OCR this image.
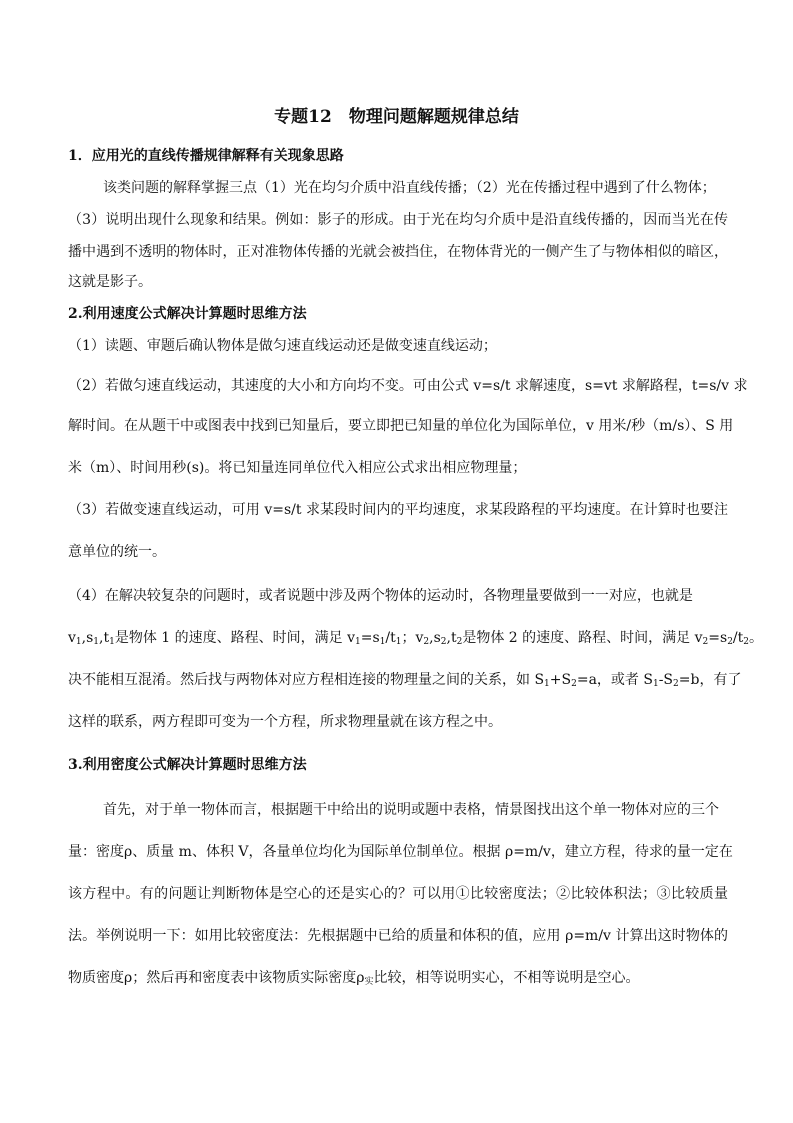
专题12　物理问题解题规律总结
1．应用光的直线传播规律解释有关现象思路
该类问题的解释掌握三点（1）光在均匀介质中沿直线传播；（2）光在传播过程中遇到了什么物体；
（3）说明出现什么现象和结果。例如：影子的形成。由于光在均匀介质中是沿直线传播的，因而当光在传
播中遇到不透明的物体时，正对准物体传播的光就会被挡住，在物体背光的一侧产生了与物体相似的暗区，
这就是影子。
2.利用速度公式解决计算题时思维方法
（1）读题、审题后确认物体是做匀速直线运动还是做变速直线运动；
（2）若做匀速直线运动，其速度的大小和方向均不变。可由公式 v=s/t 求解速度，s=vt 求解路程，t=s/v 求
解时间。在从题干中或图表中找到已知量后，要立即把已知量的单位化为国际单位，v 用米/秒（m/s）、S 用
米（m）、时间用秒(s)。将已知量连同单位代入相应公式求出相应物理量；
（3）若做变速直线运动，可用 v=s/t 求某段时间内的平均速度，求某段路程的平均速度。在计算时也要注
意单位的统一。
（4）在解决较复杂的问题时，或者说题中涉及两个物体的运动时，各物理量要做到一一对应，也就是
$v_1,s_1,t_1$是物体 1 的速度、路程、时间，满足 $v_1=s_1/t_1$；$v_2,s_2,t_2$是物体 2 的速度、路程、时间，满足 $v_2=s_2/t_2$。
决不能相互混淆。然后找与两物体对应方程相连接的物理量之间的关系，如 $S_1+S_2=a$，或者 $S_1-S_2=b$，有了
这样的联系，两方程即可变为一个方程，所求物理量就在该方程之中。
3.利用密度公式解决计算题时思维方法
首先，对于单一物体而言，根据题干中给出的说明或题中表格，情景图找出这个单一物体对应的三个
量：密度ρ、质量 m、体积 V，各量单位均化为国际单位制单位。根据 ρ=m/v，建立方程，待求的量一定在
该方程中。有的问题让判断物体是空心的还是实心的？可以用①比较密度法；②比较体积法；③比较质量
法。举例说明一下：如用比较密度法：先根据题中已给的质量和体积的值，应用 ρ=m/v 计算出这时物体的
物质密度ρ；然后再和密度表中该物质实际密度$\rho_实$比较，相等说明实心，不相等说明是空心。
